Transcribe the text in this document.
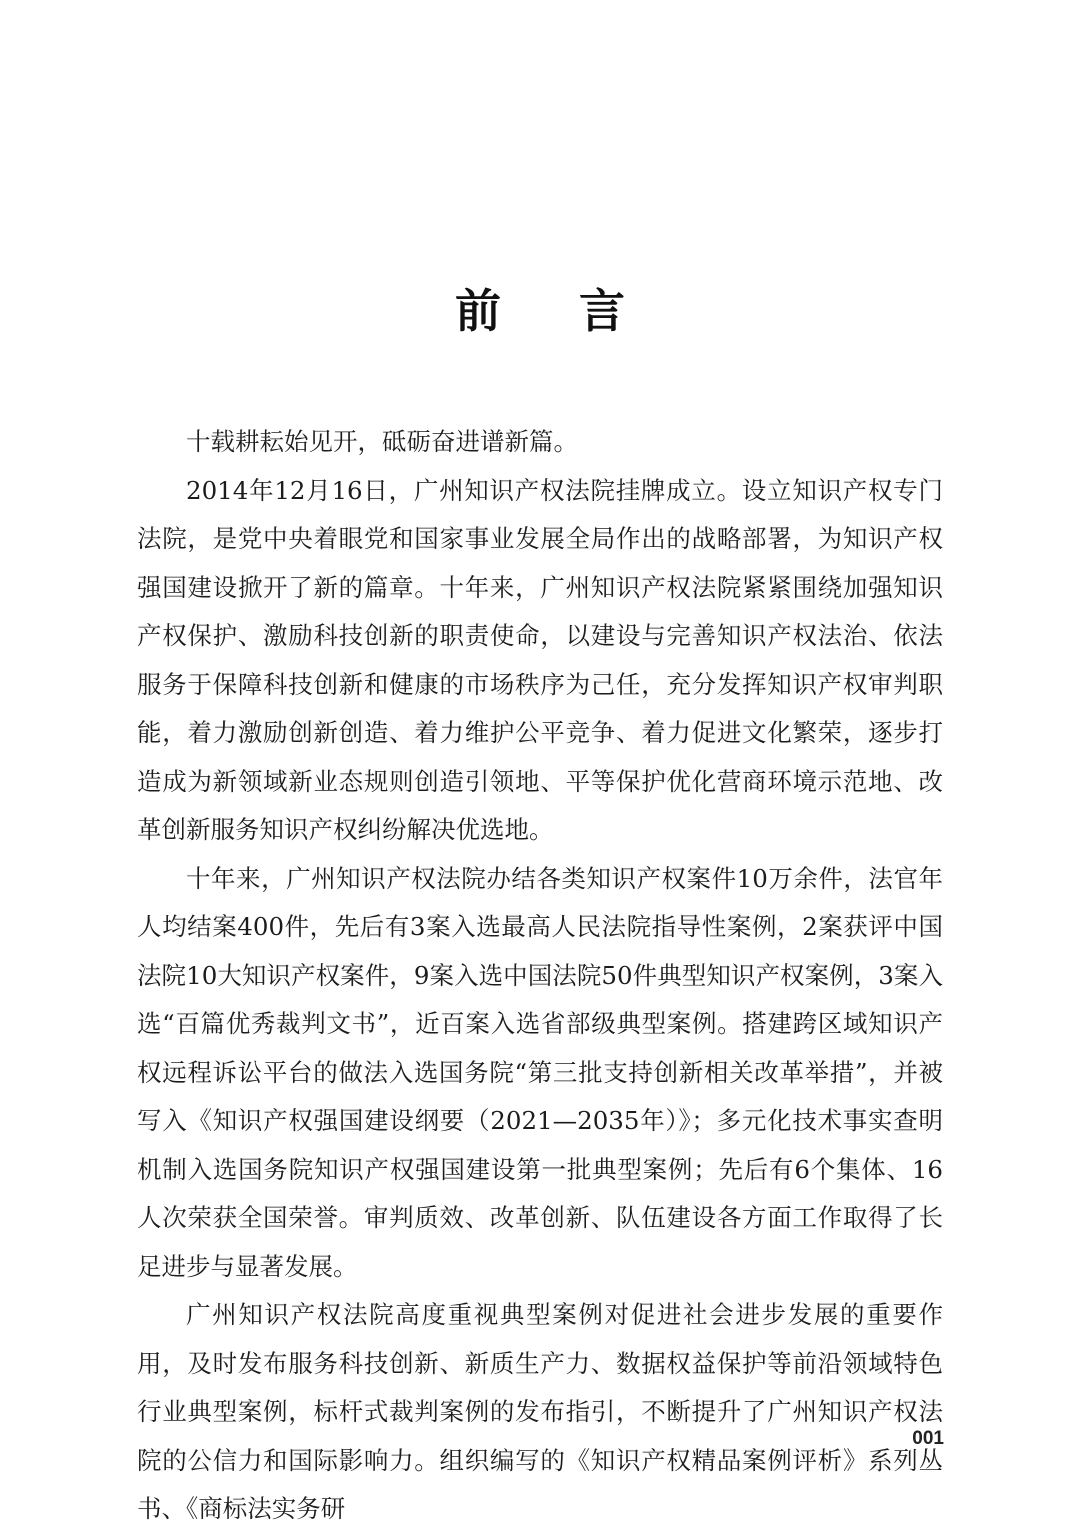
前言

十载耕耘始见开，砥砺奋进谱新篇。

2014年12月16日，广州知识产权法院挂牌成立。设立知识产权专门法院，是党中央着眼党和国家事业发展全局作出的战略部署，为知识产权强国建设掀开了新的篇章。十年来，广州知识产权法院紧紧围绕加强知识产权保护、激励科技创新的职责使命，以建设与完善知识产权法治、依法服务于保障科技创新和健康的市场秩序为己任，充分发挥知识产权审判职能，着力激励创新创造、着力维护公平竞争、着力促进文化繁荣，逐步打造成为新领域新业态规则创造引领地、平等保护优化营商环境示范地、改革创新服务知识产权纠纷解决优选地。

十年来，广州知识产权法院办结各类知识产权案件10万余件，法官年人均结案400件，先后有3案入选最高人民法院指导性案例，2案获评中国法院10大知识产权案件，9案入选中国法院50件典型知识产权案例，3案入选“百篇优秀裁判文书”，近百案入选省部级典型案例。搭建跨区域知识产权远程诉讼平台的做法入选国务院“第三批支持创新相关改革举措”，并被写入《知识产权强国建设纲要（2021—2035年）》；多元化技术事实查明机制入选国务院知识产权强国建设第一批典型案例；先后有6个集体、16人次荣获全国荣誉。审判质效、改革创新、队伍建设各方面工作取得了长足进步与显著发展。

广州知识产权法院高度重视典型案例对促进社会进步发展的重要作用，及时发布服务科技创新、新质生产力、数据权益保护等前沿领域特色行业典型案例，标杆式裁判案例的发布指引，不断提升了广州知识产权法院的公信力和国际影响力。组织编写的《知识产权精品案例评析》系列丛书、《商标法实务研

001
